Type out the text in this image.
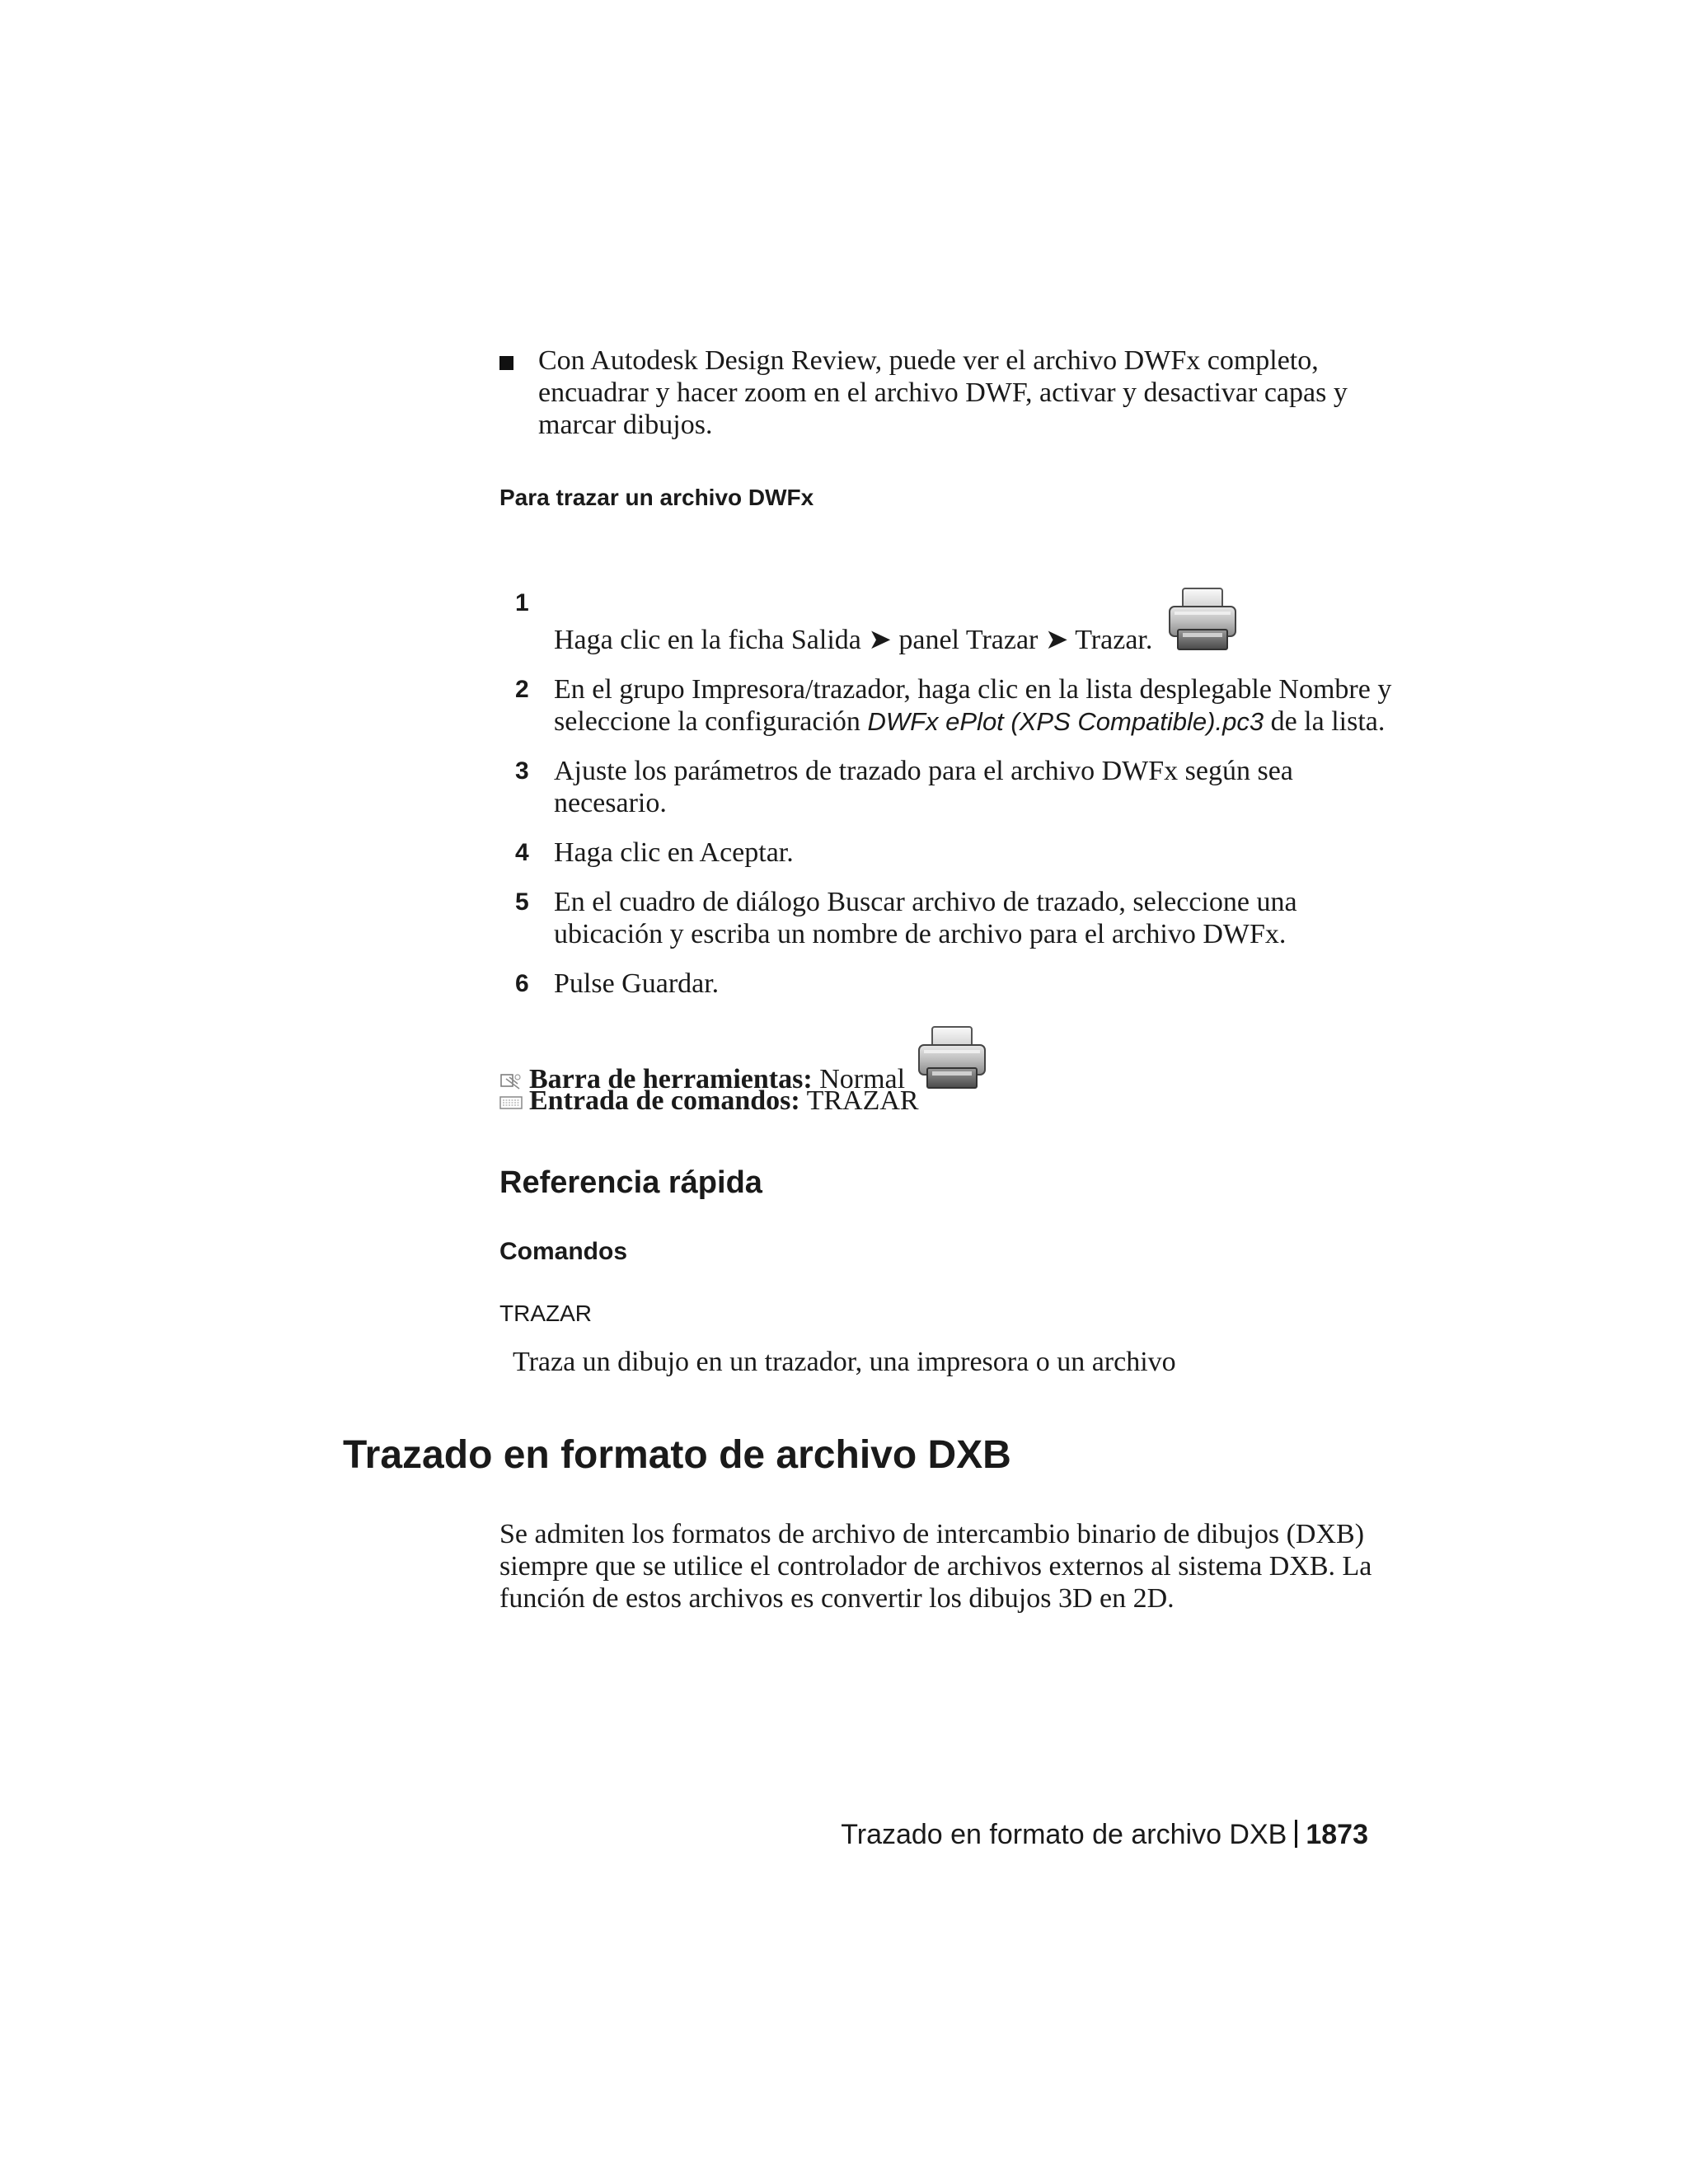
Con Autodesk Design Review, puede ver el archivo DWFx completo, encuadrar y hacer zoom en el archivo DWF, activar y desactivar capas y marcar dibujos.
Para trazar un archivo DWFx
1
Haga clic en la ficha Salida ➤ panel Trazar ➤ Trazar.
2 En el grupo Impresora/trazador, haga clic en la lista desplegable Nombre y seleccione la configuración DWFx ePlot (XPS Compatible).pc3 de la lista.
3 Ajuste los parámetros de trazado para el archivo DWFx según sea necesario.
4 Haga clic en Aceptar.
5 En el cuadro de diálogo Buscar archivo de trazado, seleccione una ubicación y escriba un nombre de archivo para el archivo DWFx.
6 Pulse Guardar.
Barra de herramientas: Normal
Entrada de comandos: TRAZAR
Referencia rápida
Comandos
TRAZAR
Traza un dibujo en un trazador, una impresora o un archivo
Trazado en formato de archivo DXB
Se admiten los formatos de archivo de intercambio binario de dibujos (DXB) siempre que se utilice el controlador de archivos externos al sistema DXB. La función de estos archivos es convertir los dibujos 3D en 2D.
Trazado en formato de archivo DXB 1873
